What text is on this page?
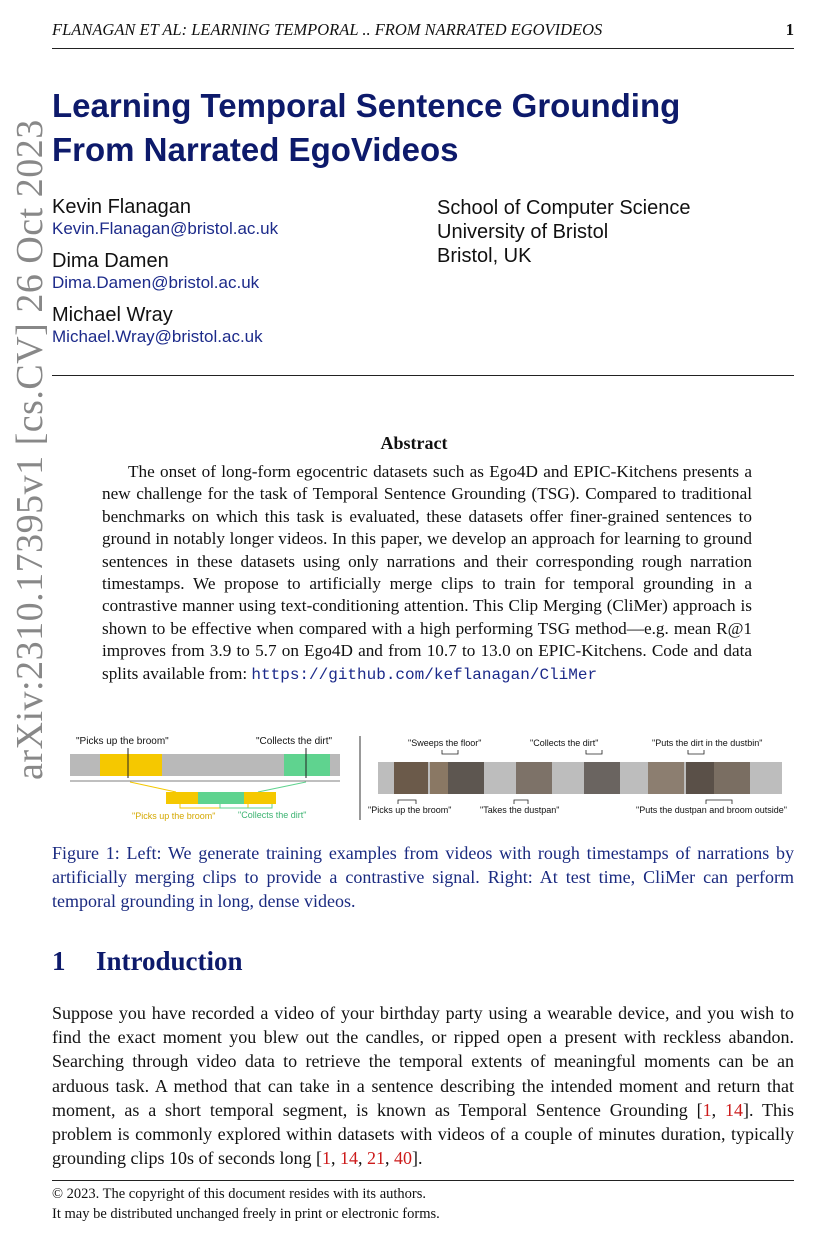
FLANAGAN ET AL: LEARNING TEMPORAL .. FROM NARRATED EGOVIDEOS	1
arXiv:2310.17395v1 [cs.CV] 26 Oct 2023
Learning Temporal Sentence Grounding
From Narrated EgoVideos
Kevin Flanagan
Kevin.Flanagan@bristol.ac.uk
Dima Damen
Dima.Damen@bristol.ac.uk
Michael Wray
Michael.Wray@bristol.ac.uk
School of Computer Science
University of Bristol
Bristol, UK
Abstract
The onset of long-form egocentric datasets such as Ego4D and EPIC-Kitchens presents a new challenge for the task of Temporal Sentence Grounding (TSG). Compared to traditional benchmarks on which this task is evaluated, these datasets offer finer-grained sentences to ground in notably longer videos. In this paper, we develop an approach for learning to ground sentences in these datasets using only narrations and their corresponding rough narration timestamps. We propose to artificially merge clips to train for temporal grounding in a contrastive manner using text-conditioning attention. This Clip Merging (CliMer) approach is shown to be effective when compared with a high performing TSG method—e.g. mean R@1 improves from 3.9 to 5.7 on Ego4D and from 10.7 to 13.0 on EPIC-Kitchens. Code and data splits available from: https://github.com/keflanagan/CliMer
"Picks up the broom"	"Collects the dirt"
"Picks up the broom"	"Collects the dirt"
"Sweeps the floor"	"Collects the dirt"	"Puts the dirt in the dustbin"
"Picks up the broom"	"Takes the dustpan"	"Puts the dustpan and broom outside"
Figure 1: Left: We generate training examples from videos with rough timestamps of narrations by artificially merging clips to provide a contrastive signal. Right: At test time, CliMer can perform temporal grounding in long, dense videos.
1 Introduction
Suppose you have recorded a video of your birthday party using a wearable device, and you wish to find the exact moment you blew out the candles, or ripped open a present with reckless abandon. Searching through video data to retrieve the temporal extents of meaningful moments can be an arduous task. A method that can take in a sentence describing the intended moment and return that moment, as a short temporal segment, is known as Temporal Sentence Grounding [1, 14]. This problem is commonly explored within datasets with videos of a couple of minutes duration, typically grounding clips 10s of seconds long [1, 14, 21, 40].
© 2023. The copyright of this document resides with its authors.
It may be distributed unchanged freely in print or electronic forms.
